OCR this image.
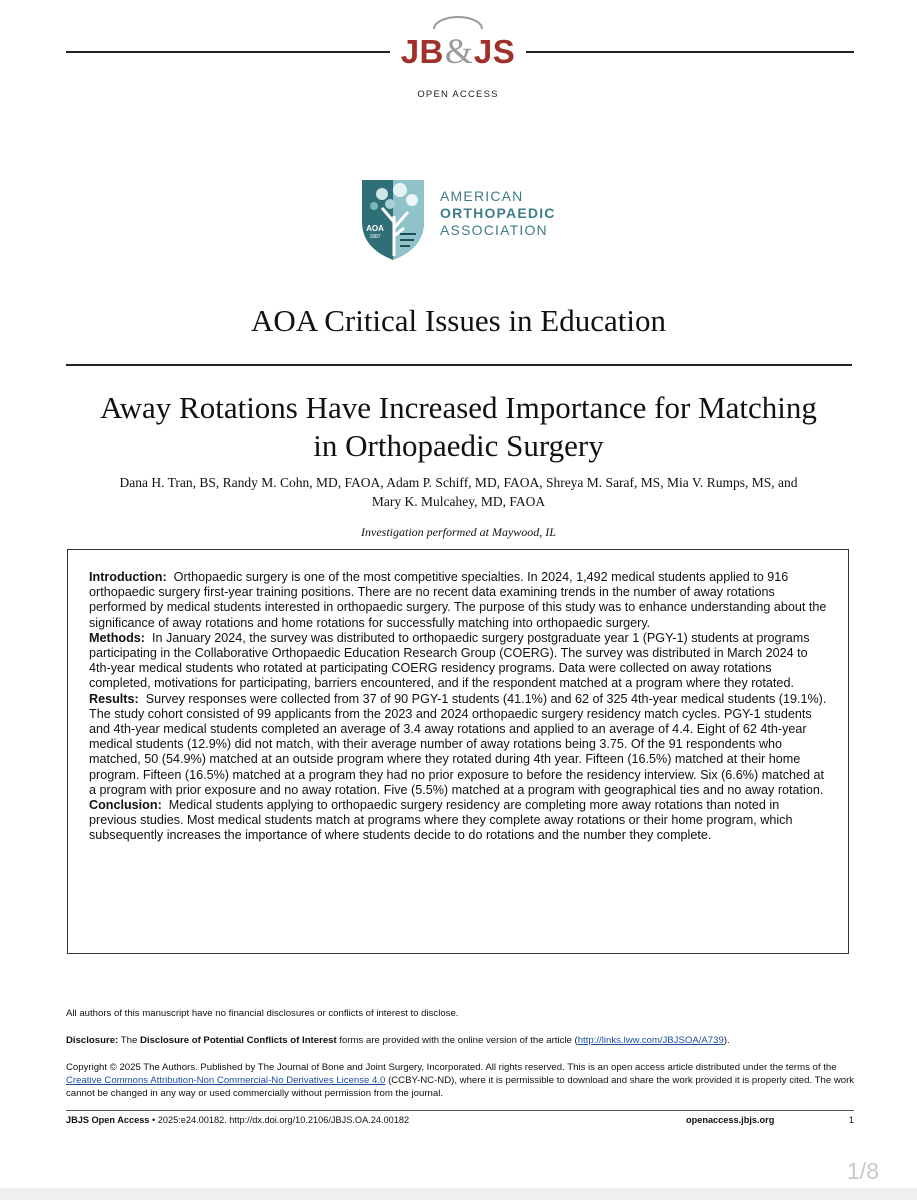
JB&JS
OPEN ACCESS
AOA
1887
AMERICAN
ORTHOPAEDIC
ASSOCIATION
AOA Critical Issues in Education
Away Rotations Have Increased Importance for Matching
in Orthopaedic Surgery
Dana H. Tran, BS, Randy M. Cohn, MD, FAOA, Adam P. Schiff, MD, FAOA, Shreya M. Saraf, MS, Mia V. Rumps, MS, and
Mary K. Mulcahey, MD, FAOA
Investigation performed at Maywood, IL

Introduction: Orthopaedic surgery is one of the most competitive specialties. In 2024, 1,492 medical students applied to 916 orthopaedic surgery first-year training positions. There are no recent data examining trends in the number of away rotations performed by medical students interested in orthopaedic surgery. The purpose of this study was to enhance understanding about the significance of away rotations and home rotations for successfully matching into orthopaedic surgery.

Methods: In January 2024, the survey was distributed to orthopaedic surgery postgraduate year 1 (PGY-1) students at programs participating in the Collaborative Orthopaedic Education Research Group (COERG). The survey was distributed in March 2024 to 4th-year medical students who rotated at participating COERG residency programs. Data were collected on away rotations completed, motivations for participating, barriers encountered, and if the respondent matched at a program where they rotated.

Results: Survey responses were collected from 37 of 90 PGY-1 students (41.1%) and 62 of 325 4th-year medical students (19.1%). The study cohort consisted of 99 applicants from the 2023 and 2024 orthopaedic surgery residency match cycles. PGY-1 students and 4th-year medical students completed an average of 3.4 away rotations and applied to an average of 4.4. Eight of 62 4th-year medical students (12.9%) did not match, with their average number of away rotations being 3.75. Of the 91 respondents who matched, 50 (54.9%) matched at an outside program where they rotated during 4th year. Fifteen (16.5%) matched at their home program. Fifteen (16.5%) matched at a program they had no prior exposure to before the residency interview. Six (6.6%) matched at a program with prior exposure and no away rotation. Five (5.5%) matched at a program with geographical ties and no away rotation.

Conclusion: Medical students applying to orthopaedic surgery residency are completing more away rotations than noted in previous studies. Most medical students match at programs where they complete away rotations or their home program, which subsequently increases the importance of where students decide to do rotations and the number they complete.

All authors of this manuscript have no financial disclosures or conflicts of interest to disclose.
Disclosure: The Disclosure of Potential Conflicts of Interest forms are provided with the online version of the article (http://links.lww.com/JBJSOA/A739).
Copyright © 2025 The Authors. Published by The Journal of Bone and Joint Surgery, Incorporated. All rights reserved. This is an open access article distributed under the terms of the Creative Commons Attribution-Non Commercial-No Derivatives License 4.0 (CCBY-NC-ND), where it is permissible to download and share the work provided it is properly cited. The work cannot be changed in any way or used commercially without permission from the journal.
JBJS Open Access • 2025:e24.00182. http://dx.doi.org/10.2106/JBJS.OA.24.00182	openaccess.jbjs.org	1
1/8
